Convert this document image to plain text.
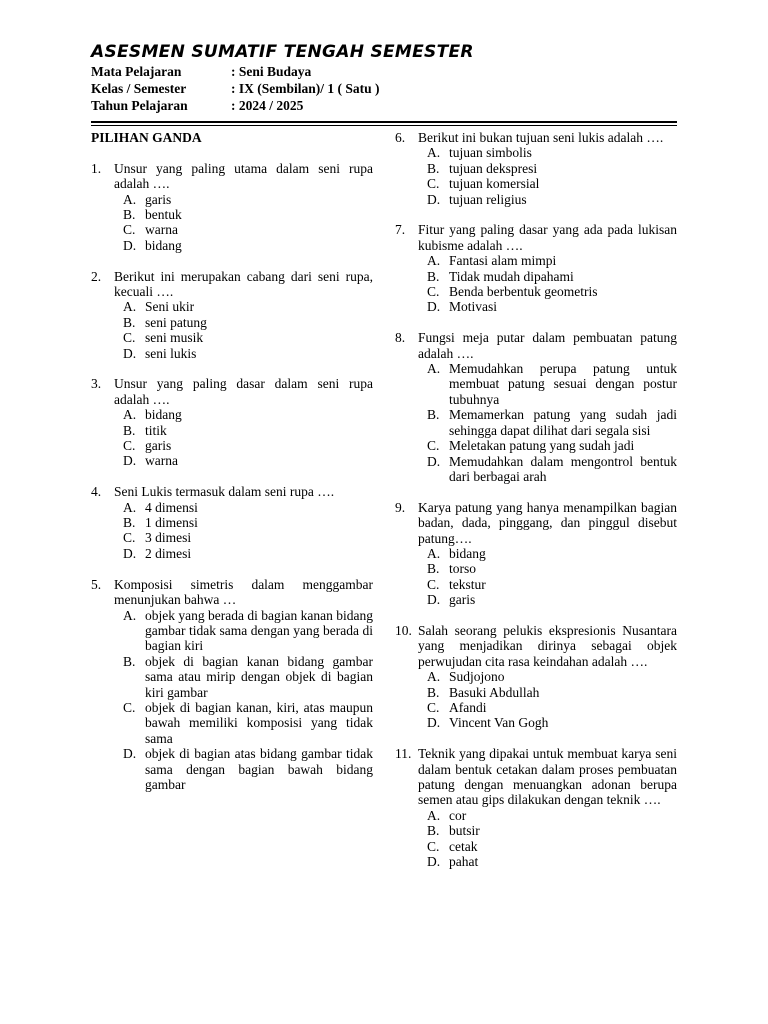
ASESMEN SUMATIF TENGAH SEMESTER
Mata Pelajaran	: Seni Budaya
Kelas / Semester	: IX (Sembilan)/ 1 ( Satu )
Tahun Pelajaran	: 2024 / 2025
PILIHAN GANDA
1. Unsur yang paling utama dalam seni rupa adalah ….
A. garis
B. bentuk
C. warna
D. bidang
2. Berikut ini merupakan cabang dari seni rupa, kecuali ….
A. Seni ukir
B. seni patung
C. seni musik
D. seni lukis
3. Unsur yang paling dasar dalam seni rupa adalah ….
A. bidang
B. titik
C. garis
D. warna
4. Seni Lukis termasuk dalam seni rupa ….
A. 4 dimensi
B. 1 dimensi
C. 3 dimesi
D. 2 dimesi
5. Komposisi simetris dalam menggambar menunjukan bahwa …
A. objek yang berada di bagian kanan bidang gambar tidak sama dengan yang berada di bagian kiri
B. objek di bagian kanan bidang gambar sama atau mirip dengan objek di bagian kiri gambar
C. objek di bagian kanan, kiri, atas maupun bawah memiliki komposisi yang tidak sama
D. objek di bagian atas bidang gambar tidak sama dengan bagian bawah bidang gambar
6. Berikut ini bukan tujuan seni lukis adalah ….
A. tujuan simbolis
B. tujuan dekspresi
C. tujuan komersial
D. tujuan religius
7. Fitur yang paling dasar yang ada pada lukisan kubisme adalah ….
A. Fantasi alam mimpi
B. Tidak mudah dipahami
C. Benda berbentuk geometris
D. Motivasi
8. Fungsi meja putar dalam pembuatan patung adalah ….
A. Memudahkan perupa patung untuk membuat patung sesuai dengan postur tubuhnya
B. Memamerkan patung yang sudah jadi sehingga dapat dilihat dari segala sisi
C. Meletakan patung yang sudah jadi
D. Memudahkan dalam mengontrol bentuk dari berbagai arah
9. Karya patung yang hanya menampilkan bagian badan, dada, pinggang, dan pinggul disebut patung….
A. bidang
B. torso
C. tekstur
D. garis
10. Salah seorang pelukis ekspresionis Nusantara yang menjadikan dirinya sebagai objek perwujudan cita rasa keindahan adalah ….
A. Sudjojono
B. Basuki Abdullah
C. Afandi
D. Vincent Van Gogh
11. Teknik yang dipakai untuk membuat karya seni dalam bentuk cetakan dalam proses pembuatan patung dengan menuangkan adonan berupa semen atau gips dilakukan dengan teknik ….
A. cor
B. butsir
C. cetak
D. pahat
